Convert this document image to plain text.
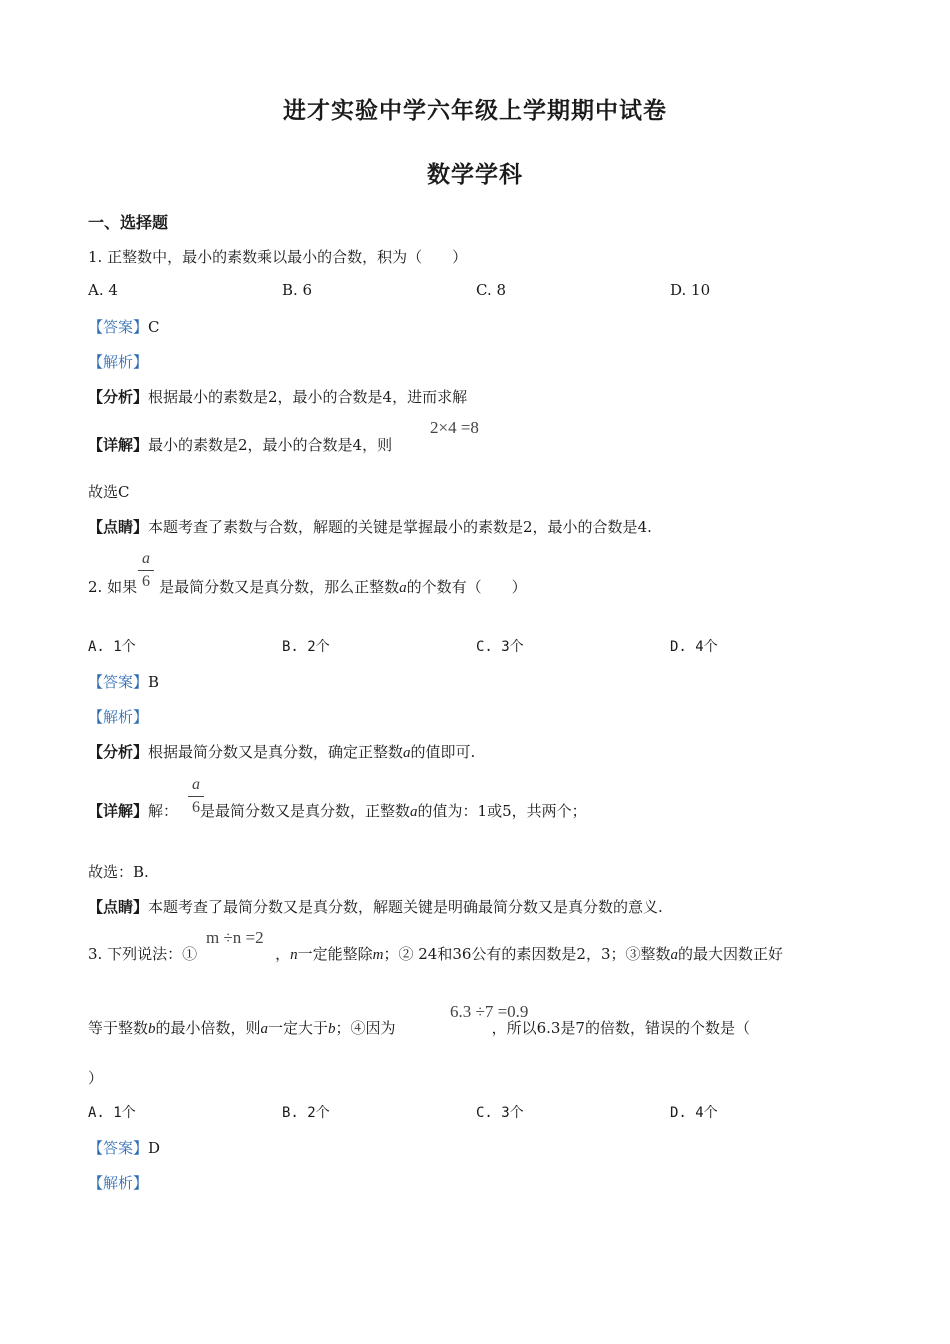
进才实验中学六年级上学期期中试卷
数学学科
一、选择题
1. 正整数中，最小的素数乘以最小的合数，积为（　　）
A. 4	B. 6	C. 8	D. 10
【答案】C
【解析】
【分析】根据最小的素数是2，最小的合数是4，进而求解
【详解】最小的素数是2，最小的合数是4，则
2×4 =8
故选C
【点睛】本题考查了素数与合数，解题的关键是掌握最小的素数是2，最小的合数是4.
a
6
2. 如果 是最简分数又是真分数，那么正整数a的个数有（　　）
A. 1个	B. 2个	C. 3个	D. 4个
【答案】B
【解析】
【分析】根据最简分数又是真分数，确定正整数a的值即可.
a
6
【详解】解： 是最简分数又是真分数，正整数a的值为：1或5，共两个；
故选：B.
【点睛】本题考查了最简分数又是真分数，解题关键是明确最简分数又是真分数的意义.
m ÷n =2
3. 下列说法：①	，n一定能整除m；② 24和36公有的素因数是2，3；③整数a的最大因数正好
6.3 ÷7 =0.9
等于整数b的最小倍数，则a一定大于b；④因为	，所以6.3是7的倍数，错误的个数是（
）
A. 1个	B. 2个	C. 3个	D. 4个
【答案】D
【解析】
